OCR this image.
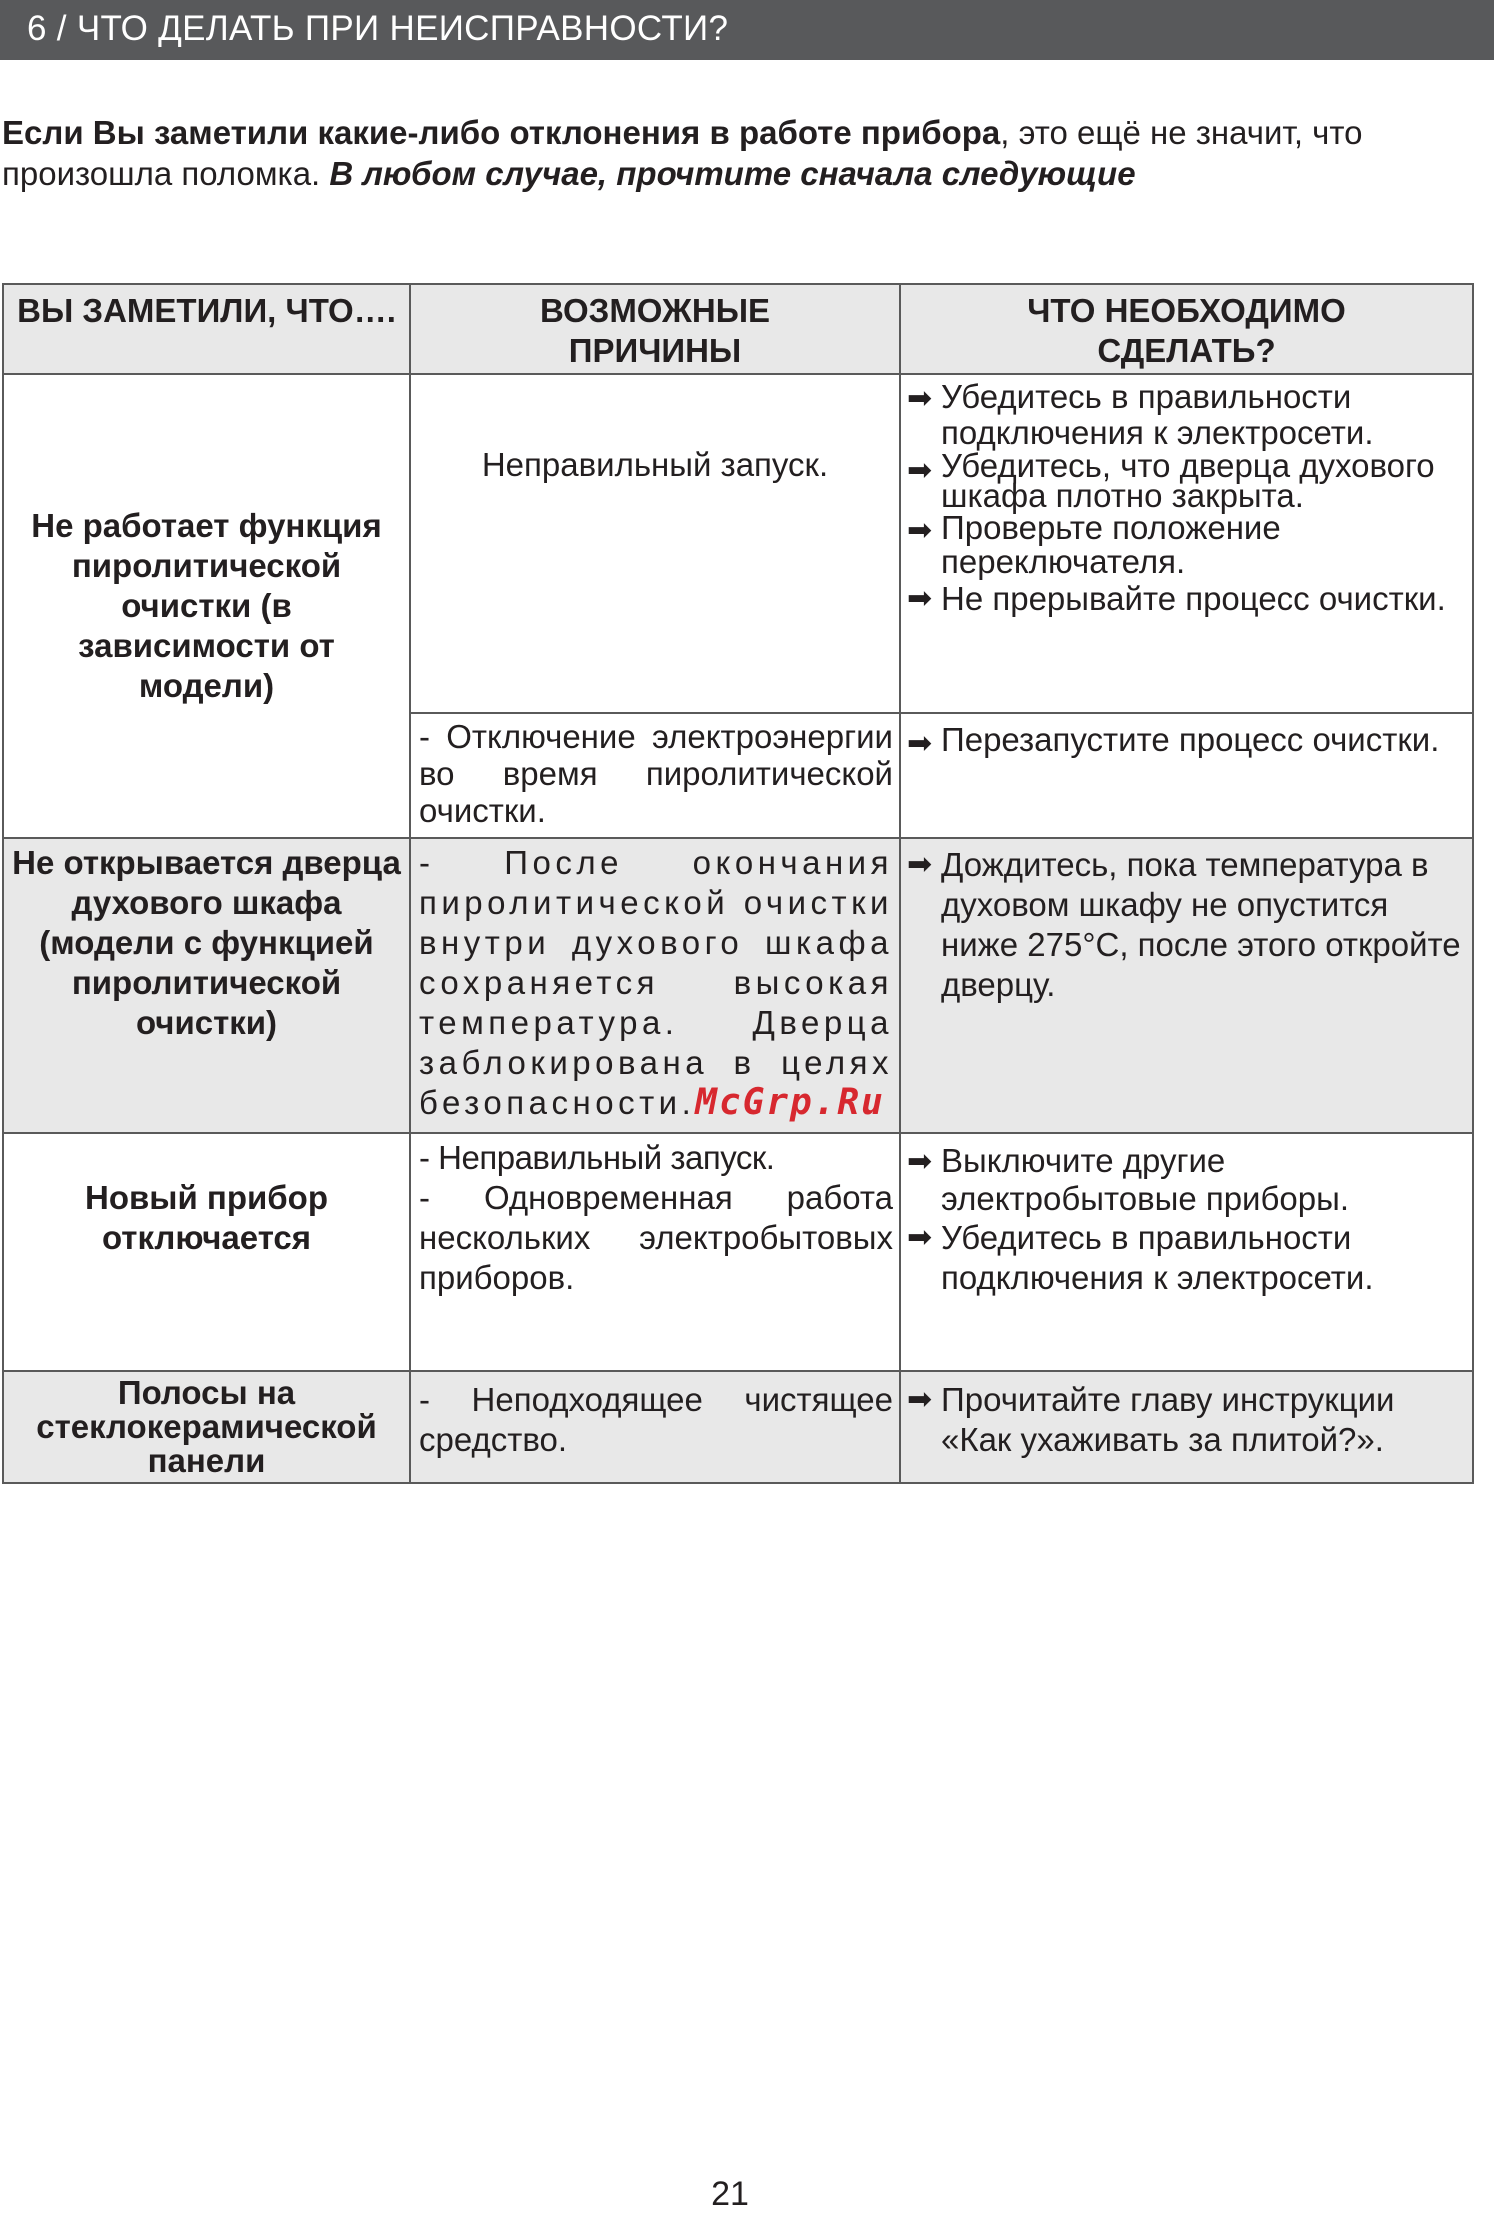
6 / ЧТО ДЕЛАТЬ ПРИ НЕИСПРАВНОСТИ?
Если Вы заметили какие-либо отклонения в работе прибора, это ещё не значит, что произошла поломка. В любом случае, прочтите сначала следующие
ВЫ ЗАМЕТИЛИ, ЧТО….	ВОЗМОЖНЫЕ ПРИЧИНЫ
ЧТО НЕОБХОДИМО СДЕЛАТЬ?
Не работает функция пиролитической очистки (в зависимости от модели)
Неправильный запуск.
➡ Убедитесь в правильности подключения к электросети.
➡ Убедитесь, что дверца духового шкафа плотно закрыта.
➡ Проверьте положение переключателя.
➡ Не прерывайте процесс очистки.
- Отключение электроэнергии во время пиролитической очистки.
➡ Перезапустите процесс очистки.
Не открывается дверца духового шкафа (модели с функцией пиролитической очистки)
- После окончания пиролитической очистки внутри духового шкафа сохраняется высокая температура. Дверца заблокирована в целях безопасности.McGrp.Ru
➡ Дождитесь, пока температура в духовом шкафу не опустится ниже 275°C, после этого откройте дверцу.
Новый прибор отключается
- Неправильный запуск.
- Одновременная работа нескольких электробытовых приборов.
➡ Выключите другие электробытовые приборы.
➡ Убедитесь в правильности подключения к электросети.
Полосы на стеклокерамической панели
- Неподходящее чистящее средство.
➡ Прочитайте главу инструкции «Как ухаживать за плитой?».
21
